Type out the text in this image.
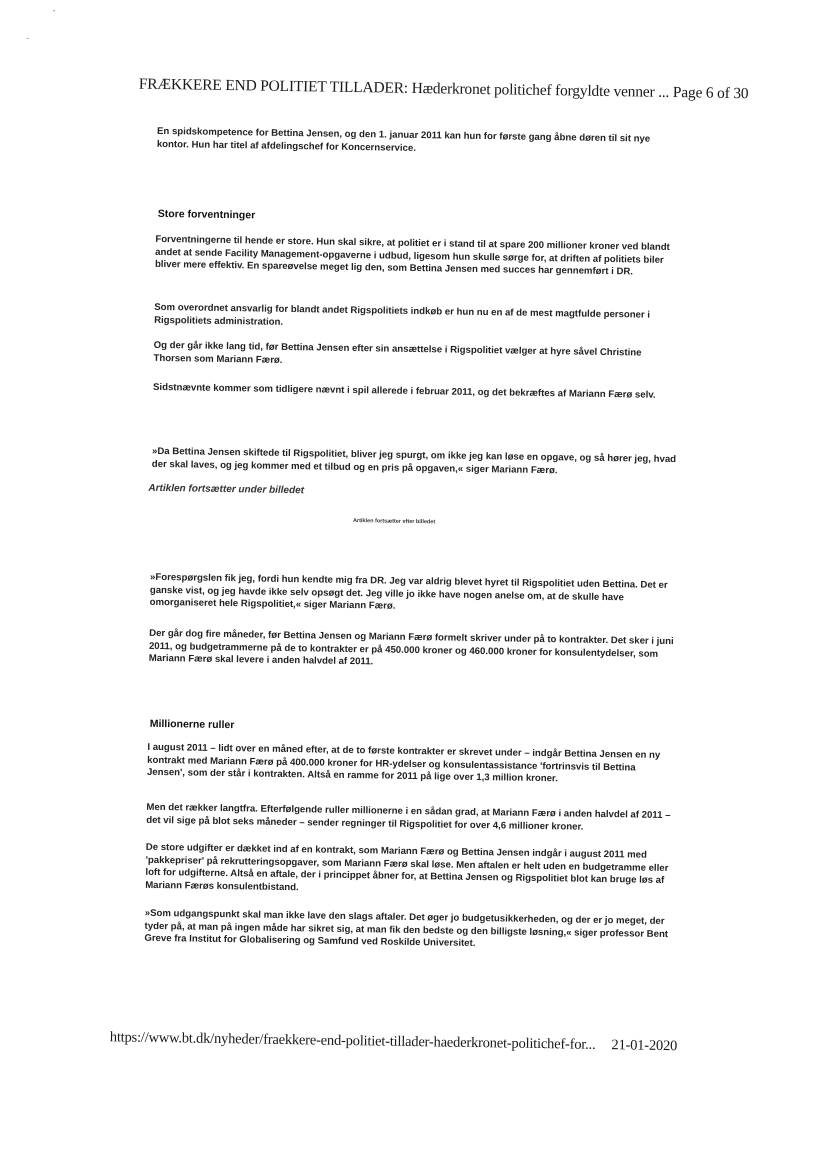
FRÆKKERE END POLITIET TILLADER: Hæderkronet politichef forgyldte venner ... Page 6 of 30
En spidskompetence for Bettina Jensen, og den 1. januar 2011 kan hun for første gang åbne døren til sit nye kontor. Hun har titel af afdelingschef for Koncernservice.
Store forventninger
Forventningerne til hende er store. Hun skal sikre, at politiet er i stand til at spare 200 millioner kroner ved blandt andet at sende Facility Management-opgaverne i udbud, ligesom hun skulle sørge for, at driften af politiets biler bliver mere effektiv. En spareøvelse meget lig den, som Bettina Jensen med succes har gennemført i DR.
Som overordnet ansvarlig for blandt andet Rigspolitiets indkøb er hun nu en af de mest magtfulde personer i Rigspolitiets administration.
Og der går ikke lang tid, før Bettina Jensen efter sin ansættelse i Rigspolitiet vælger at hyre såvel Christine Thorsen som Mariann Færø.
Sidstnævnte kommer som tidligere nævnt i spil allerede i februar 2011, og det bekræftes af Mariann Færø selv.
»Da Bettina Jensen skiftede til Rigspolitiet, bliver jeg spurgt, om ikke jeg kan løse en opgave, og så hører jeg, hvad der skal laves, og jeg kommer med et tilbud og en pris på opgaven,« siger Mariann Færø.
Artiklen fortsætter under billedet
Artiklen fortsætter efter billedet
»Forespørgslen fik jeg, fordi hun kendte mig fra DR. Jeg var aldrig blevet hyret til Rigspolitiet uden Bettina. Det er ganske vist, og jeg havde ikke selv opsøgt det. Jeg ville jo ikke have nogen anelse om, at de skulle have omorganiseret hele Rigspolitiet,« siger Mariann Færø.
Der går dog fire måneder, før Bettina Jensen og Mariann Færø formelt skriver under på to kontrakter. Det sker i juni 2011, og budgetrammerne på de to kontrakter er på 450.000 kroner og 460.000 kroner for konsulentydelser, som Mariann Færø skal levere i anden halvdel af 2011.
Millionerne ruller
I august 2011 – lidt over en måned efter, at de to første kontrakter er skrevet under – indgår Bettina Jensen en ny kontrakt med Mariann Færø på 400.000 kroner for HR-ydelser og konsulentassistance 'fortrinsvis til Bettina Jensen', som der står i kontrakten. Altså en ramme for 2011 på lige over 1,3 million kroner.
Men det rækker langtfra. Efterfølgende ruller millionerne i en sådan grad, at Mariann Færø i anden halvdel af 2011 – det vil sige på blot seks måneder – sender regninger til Rigspolitiet for over 4,6 millioner kroner.
De store udgifter er dækket ind af en kontrakt, som Mariann Færø og Bettina Jensen indgår i august 2011 med 'pakkepriser' på rekrutteringsopgaver, som Mariann Færø skal løse. Men aftalen er helt uden en budgetramme eller loft for udgifterne. Altså en aftale, der i princippet åbner for, at Bettina Jensen og Rigspolitiet blot kan bruge løs af Mariann Færøs konsulentbistand.
»Som udgangspunkt skal man ikke lave den slags aftaler. Det øger jo budgetusikkerheden, og der er jo meget, der tyder på, at man på ingen måde har sikret sig, at man fik den bedste og den billigste løsning,« siger professor Bent Greve fra Institut for Globalisering og Samfund ved Roskilde Universitet.
https://www.bt.dk/nyheder/fraekkere-end-politiet-tillader-haederkronet-politichef-for... 21-01-2020
